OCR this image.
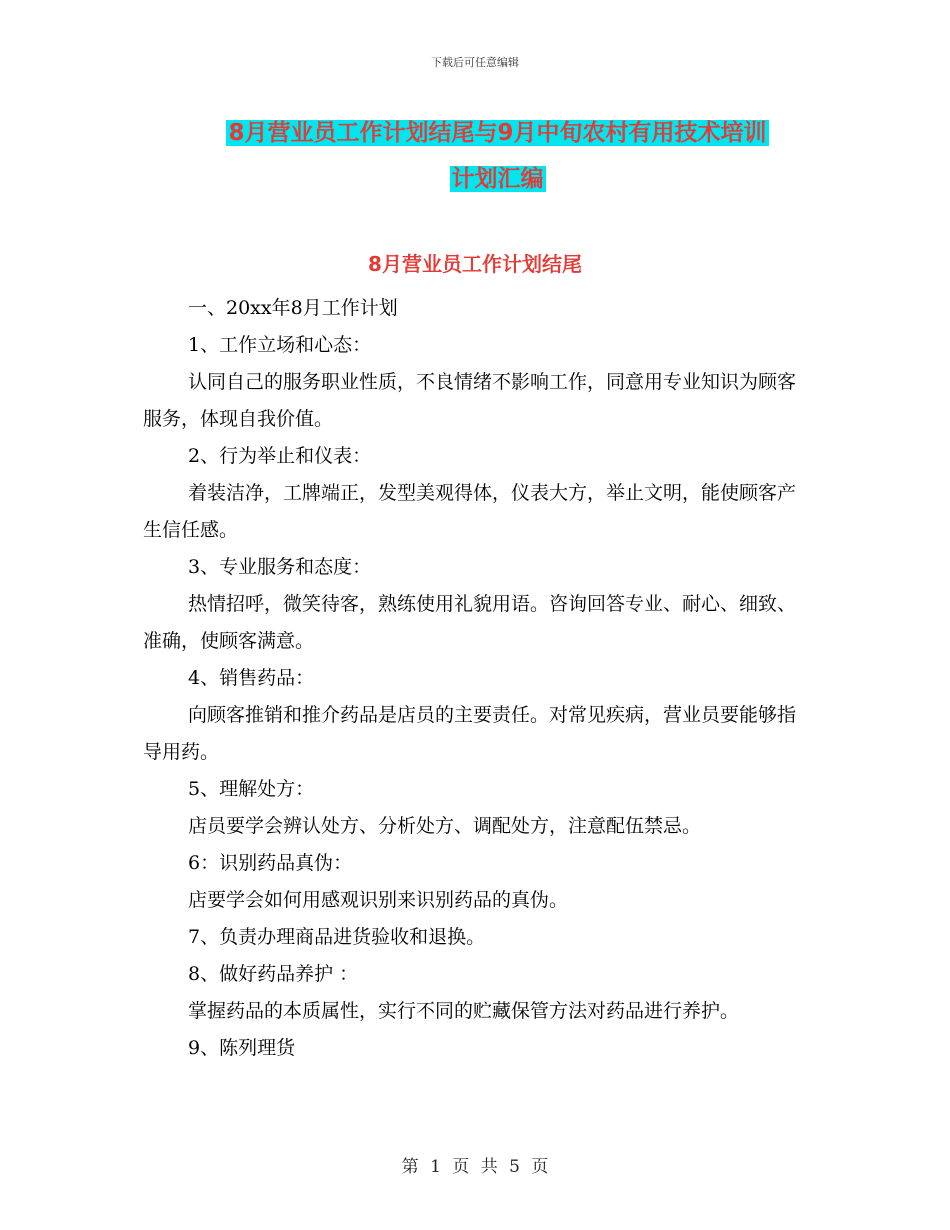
下载后可任意编辑
8月营业员工作计划结尾与9月中旬农村有用技术培训
计划汇编
8月营业员工作计划结尾

一、20xx年8月工作计划

1、工作立场和心态：

认同自己的服务职业性质，不良情绪不影响工作，同意用专业知识为顾客服务，体现自我价值。

2、行为举止和仪表：

着装洁净，工牌端正，发型美观得体，仪表大方，举止文明，能使顾客产生信任感。

3、专业服务和态度：

热情招呼，微笑待客，熟练使用礼貌用语。咨询回答专业、耐心、细致、准确，使顾客满意。

4、销售药品：

向顾客推销和推介药品是店员的主要责任。对常见疾病，营业员要能够指导用药。

5、理解处方：

店员要学会辨认处方、分析处方、调配处方，注意配伍禁忌。

6：识别药品真伪：

店要学会如何用感观识别来识别药品的真伪。

7、负责办理商品进货验收和退换。

8、做好药品养护 ：

掌握药品的本质属性，实行不同的贮藏保管方法对药品进行养护。

9、陈列理货

第 1 页 共 5 页
